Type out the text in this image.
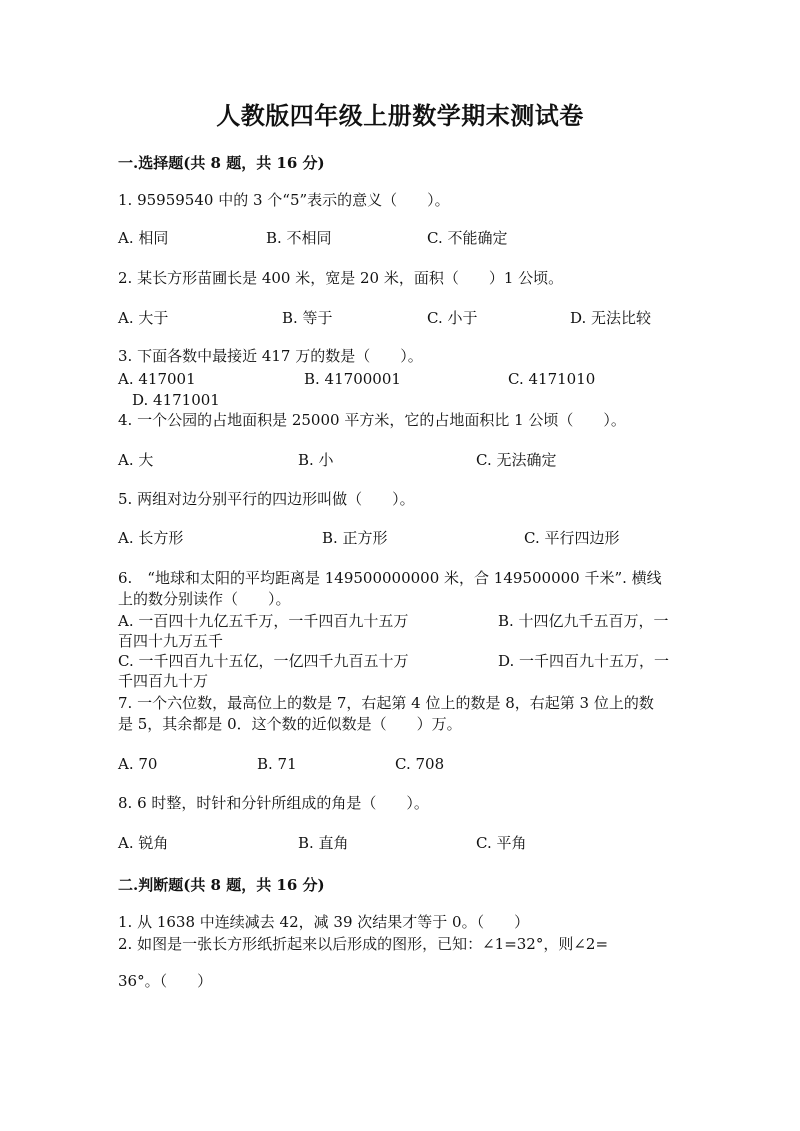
人教版四年级上册数学期末测试卷
一.选择题(共 8 题，共 16 分)
1. 95959540 中的 3 个“5”表示的意义（　　）。
A. 相同	B. 不相同	C. 不能确定
2. 某长方形苗圃长是 400 米，宽是 20 米，面积（　　）1 公顷。
A. 大于	B. 等于	C. 小于	D. 无法比较
3. 下面各数中最接近 417 万的数是（　　）。
A. 417001	B. 41700001	C. 4171010
D. 4171001
4. 一个公园的占地面积是 25000 平方米，它的占地面积比 1 公顷（　　）。
A. 大	B. 小	C. 无法确定
5. 两组对边分别平行的四边形叫做（　　）。
A. 长方形	B. 正方形	C. 平行四边形
6.　“地球和太阳的平均距离是 149500000000 米，合 149500000 千米”. 横线
上的数分别读作（　　）。
A. 一百四十九亿五千万，一千四百九十五万	B. 十四亿九千五百万，一
百四十九万五千
C. 一千四百九十五亿，一亿四千九百五十万	D. 一千四百九十五万，一
千四百九十万
7. 一个六位数，最高位上的数是 7，右起第 4 位上的数是 8，右起第 3 位上的数
是 5，其余都是 0．这个数的近似数是（　　）万。
A. 70	B. 71	C. 708
8. 6 时整，时针和分针所组成的角是（　　）。
A. 锐角	B. 直角	C. 平角
二.判断题(共 8 题，共 16 分)
1. 从 1638 中连续减去 42，减 39 次结果才等于 0。（　　）
2. 如图是一张长方形纸折起来以后形成的图形，已知：∠1=32°，则∠2=
36°。（　　）
